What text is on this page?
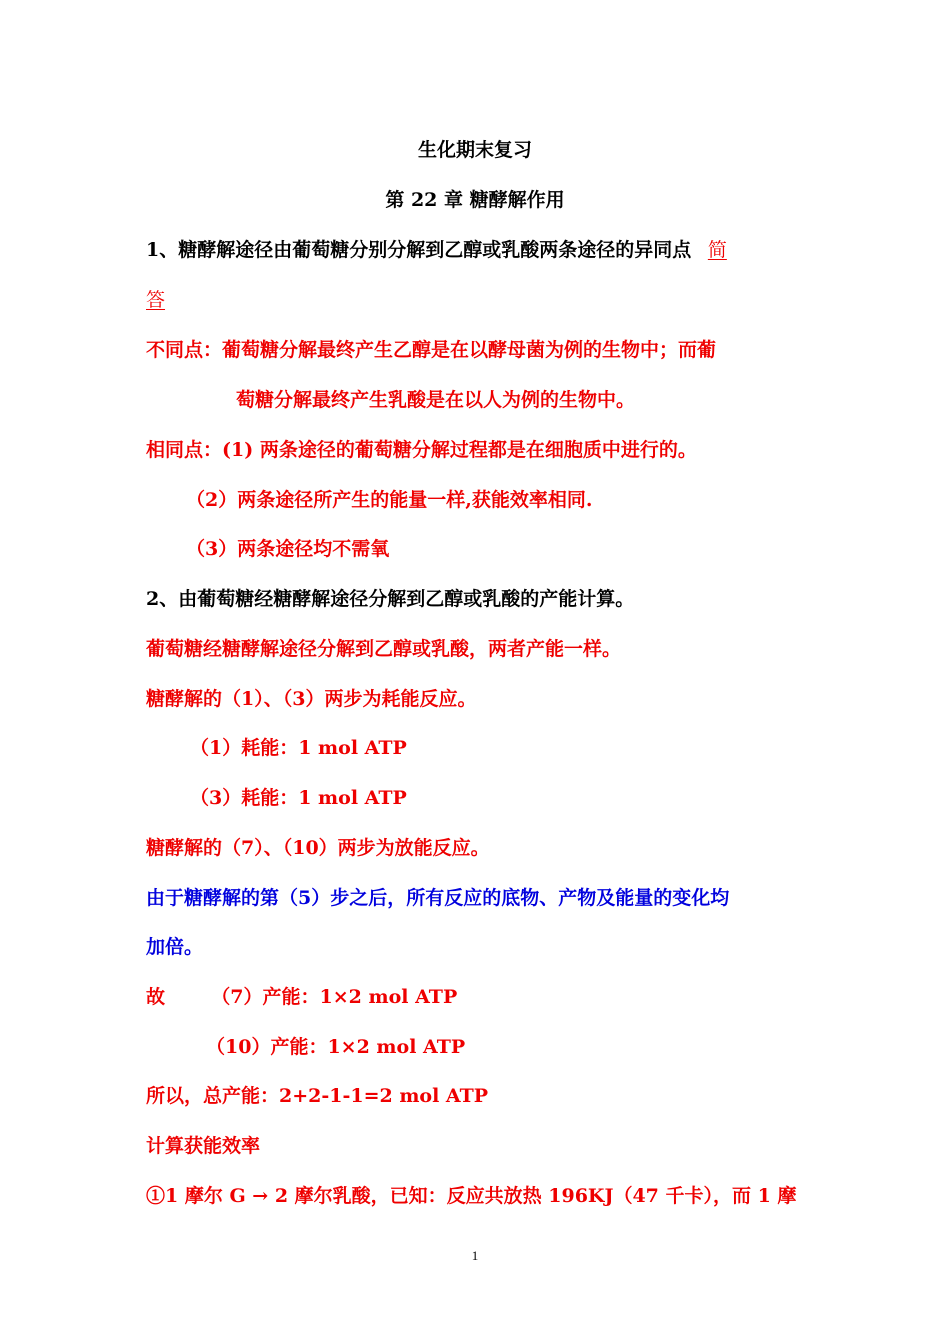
生化期末复习
第 22 章 糖酵解作用
1、糖酵解途径由葡萄糖分别分解到乙醇或乳酸两条途径的异同点 简
答
不同点：葡萄糖分解最终产生乙醇是在以酵母菌为例的生物中；而葡
萄糖分解最终产生乳酸是在以人为例的生物中。
相同点：(1) 两条途径的葡萄糖分解过程都是在细胞质中进行的。
（2）两条途径所产生的能量一样,获能效率相同.
（3）两条途径均不需氧
2、由葡萄糖经糖酵解途径分解到乙醇或乳酸的产能计算。
葡萄糖经糖酵解途径分解到乙醇或乳酸，两者产能一样。
糖酵解的（1）、（3）两步为耗能反应。
（1）耗能：1 mol ATP
（3）耗能：1 mol ATP
糖酵解的（7）、（10）两步为放能反应。
由于糖酵解的第（5）步之后，所有反应的底物、产物及能量的变化均
加倍。
故       （7）产能：1×2 mol ATP
（10）产能：1×2 mol ATP
所以，总产能：2+2-1-1=2 mol ATP
计算获能效率
①1 摩尔 G → 2 摩尔乳酸，已知：反应共放热 196KJ（47 千卡），而 1 摩
1
